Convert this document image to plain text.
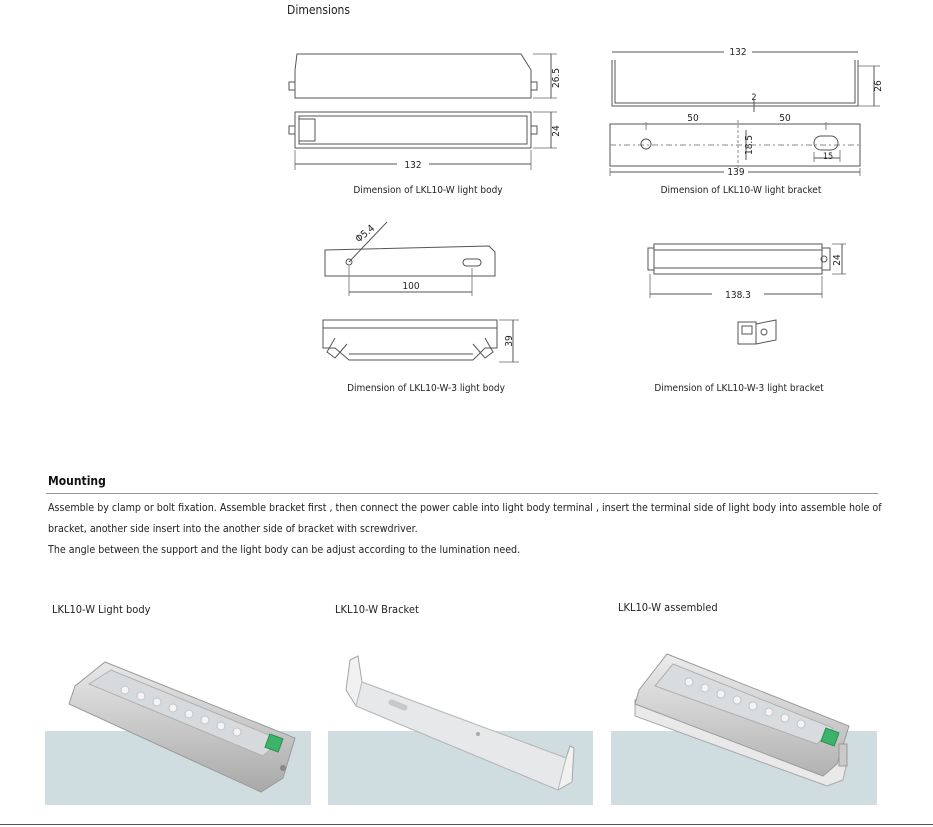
Dimensions
26.5
24
132
Dimension of LKL10-W light body
132
26
2
50	50
18.5
15
139
Dimension of LKL10-W light bracket
Φ5.4
100
39
Dimension of LKL10-W-3 light body
24
138.3
Dimension of LKL10-W-3 light bracket
Mounting
Assemble by clamp or bolt fixation. Assemble bracket first , then connect the power cable into light body terminal , insert the terminal side of light body into assemble hole of
bracket, another side insert into the another side of bracket with screwdriver.
The angle between the support and the light body can be adjust according to the lumination need.
LKL10-W Light body	LKL10-W Bracket	LKL10-W assembled
